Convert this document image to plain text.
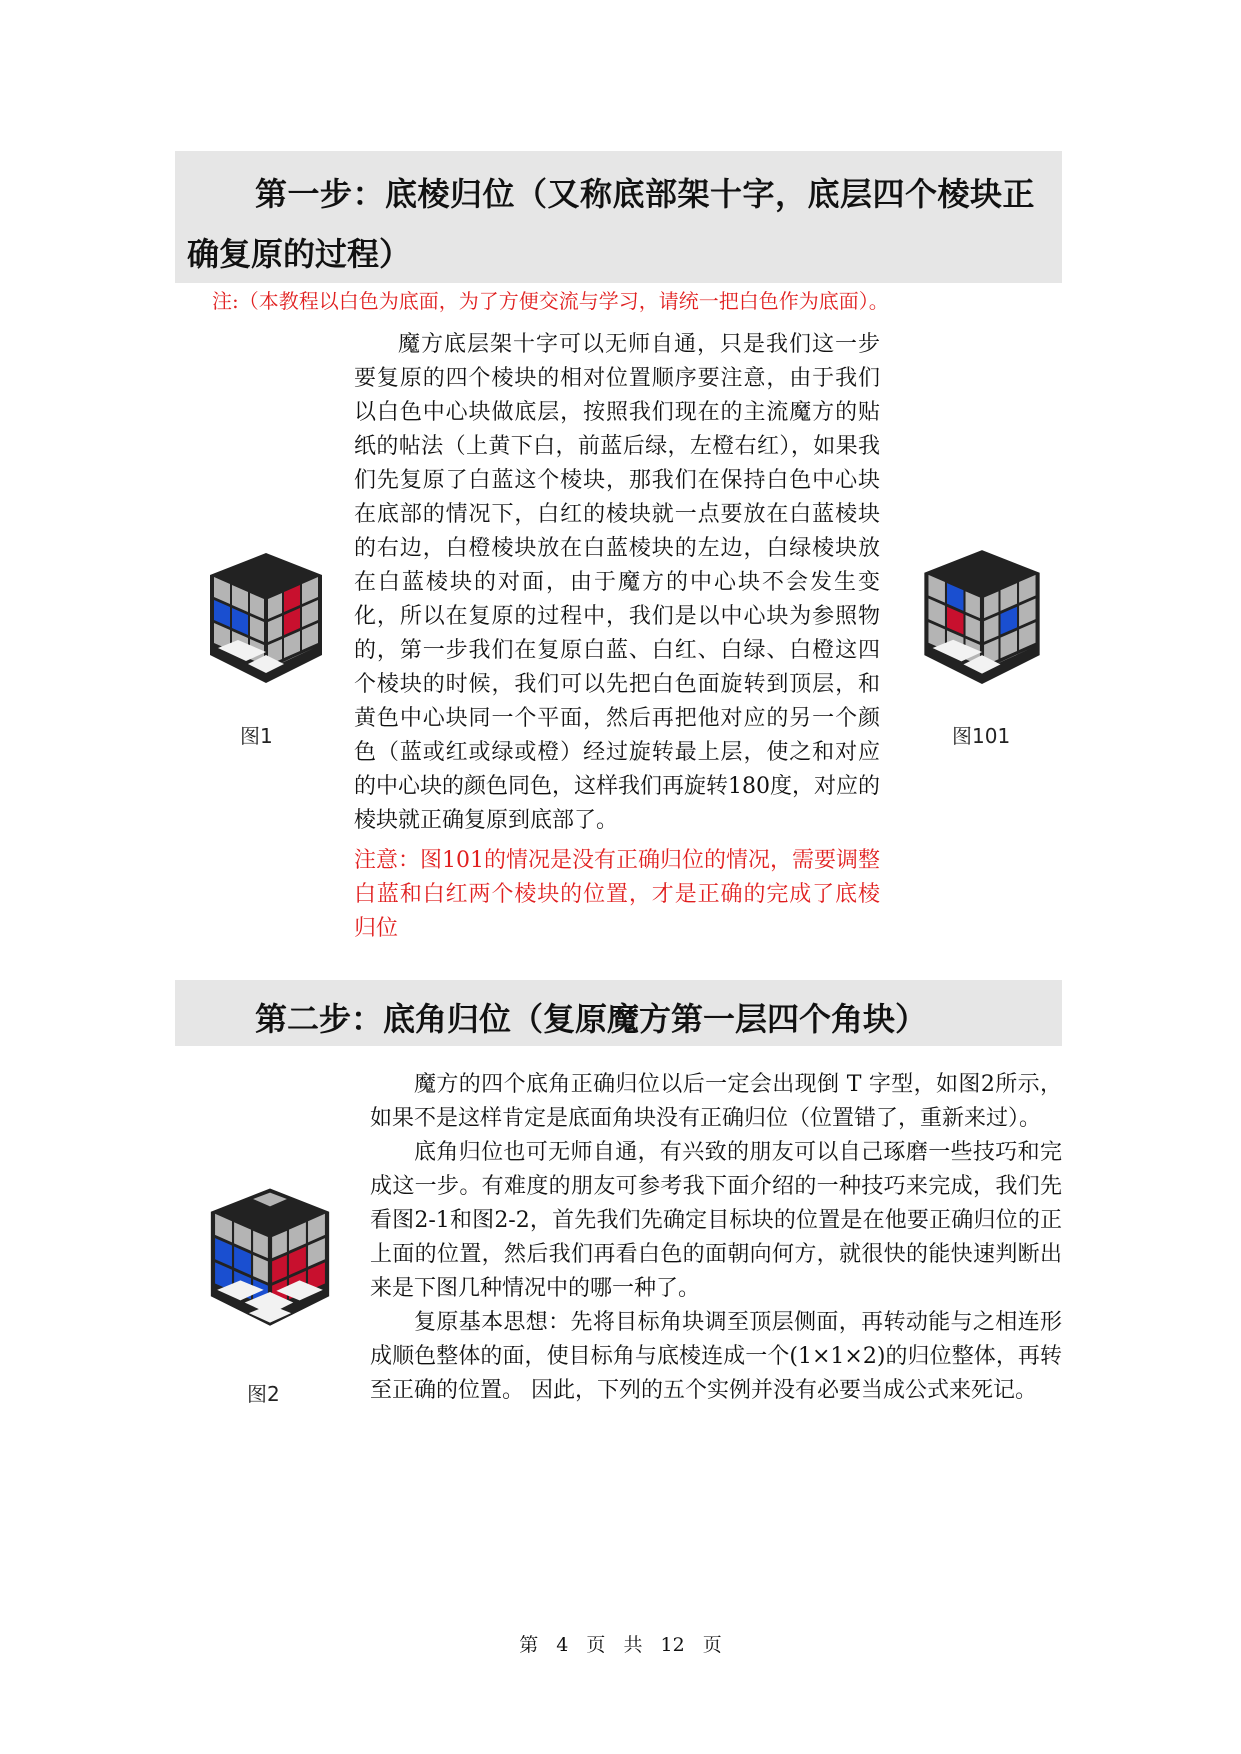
第一步：底棱归位（又称底部架十字，底层四个棱块正
确复原的过程）
注:（本教程以白色为底面，为了方便交流与学习，请统一把白色作为底面）。
图1

魔方底层架十字可以无师自通，只是我们这一步要复原的四个棱块的相对位置顺序要注意，由于我们以白色中心块做底层，按照我们现在的主流魔方的贴纸的帖法（上黄下白，前蓝后绿，左橙右红），如果我们先复原了白蓝这个棱块，那我们在保持白色中心块在底部的情况下，白红的棱块就一点要放在白蓝棱块的右边，白橙棱块放在白蓝棱块的左边，白绿棱块放在白蓝棱块的对面，由于魔方的中心块不会发生变化，所以在复原的过程中，我们是以中心块为参照物的，第一步我们在复原白蓝、白红、白绿、白橙这四个棱块的时候，我们可以先把白色面旋转到顶层，和黄色中心块同一个平面，然后再把他对应的另一个颜色（蓝或红或绿或橙）经过旋转最上层，使之和对应的中心块的颜色同色，这样我们再旋转180度，对应的棱块就正确复原到底部了。

注意：图101的情况是没有正确归位的情况，需要调整白蓝和白红两个棱块的位置，才是正确的完成了底棱归位

图101
第二步：底角归位（复原魔方第一层四个角块）
图2

魔方的四个底角正确归位以后一定会出现倒 T 字型，如图2所示，如果不是这样肯定是底面角块没有正确归位（位置错了，重新来过）。

底角归位也可无师自通，有兴致的朋友可以自己琢磨一些技巧和完成这一步。有难度的朋友可参考我下面介绍的一种技巧来完成，我们先看图2-1和图2-2，首先我们先确定目标块的位置是在他要正确归位的正上面的位置，然后我们再看白色的面朝向何方，就很快的能快速判断出来是下图几种情况中的哪一种了。

复原基本思想：先将目标角块调至顶层侧面，再转动能与之相连形成顺色整体的面，使目标角与底棱连成一个(1×1×2)的归位整体，再转至正确的位置。 因此，下列的五个实例并没有必要当成公式来死记。

第 4 页 共 12 页
